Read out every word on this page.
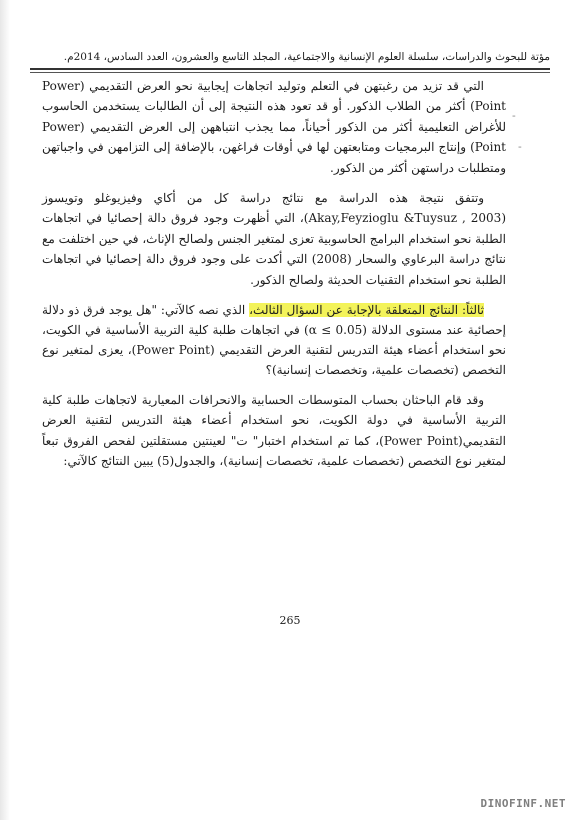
مؤتة للبحوث والدراسات، سلسلة العلوم الإنسانية والاجتماعية، المجلد التاسع والعشرون، العدد السادس، 2014م.

التي قد تزيد من رغبتهن في التعلم وتوليد اتجاهات إيجابية نحو العرض التقديمي (Power Point) أكثر من الطلاب الذكور. أو قد تعود هذه النتيجة إلى أن الطالبات يستخدمن الحاسوب للأغراض التعليمية أكثر من الذكور أحياناً، مما يجذب انتباههن إلى العرض التقديمي (Power Point) وإنتاج البرمجيات ومتابعتهن لها في أوقات فراغهن، بالإضافة إلى التزامهن في واجباتهن ومتطلبات دراستهن أكثر من الذكور.

وتتفق نتيجة هذه الدراسة مع نتائج دراسة كل من أكاي وفيزيوغلو وتويسوز (Akay,Feyzioglu &Tuysuz , 2003)، التي أظهرت وجود فروق دالة إحصائيا في اتجاهات الطلبة نحو استخدام البرامج الحاسوبية تعزى لمتغير الجنس ولصالح الإناث، في حين اختلفت مع نتائج دراسة البرعاوي والسحار (2008) التي أكدت على وجود فروق دالة إحصائيا في اتجاهات الطلبة نحو استخدام التقنيات الحديثة ولصالح الذكور.

ثالثاً: النتائج المتعلقة بالإجابة عن السؤال الثالث، الذي نصه كالآتي: "هل يوجد فرق ذو دلالة إحصائية عند مستوى الدلالة (α ≤ 0.05) في اتجاهات طلبة كلية التربية الأساسية في الكويت، نحو استخدام أعضاء هيئة التدريس لتقنية العرض التقديمي (Power Point)، يعزى لمتغير نوع التخصص (تخصصات علمية، وتخصصات إنسانية)؟

وقد قام الباحثان بحساب المتوسطات الحسابية والانحرافات المعيارية لاتجاهات طلبة كلية التربية الأساسية في دولة الكويت، نحو استخدام أعضاء هيئة التدريس لتقنية العرض التقديمي(Power Point)، كما تم استخدام اختبار" ت" لعينتين مستقلتين لفحص الفروق تبعاً لمتغير نوع التخصص (تخصصات علمية، تخصصات إنسانية)، والجدول(5) يبين النتائج كالآتي:

-
-
265
DINOFINF.NET
